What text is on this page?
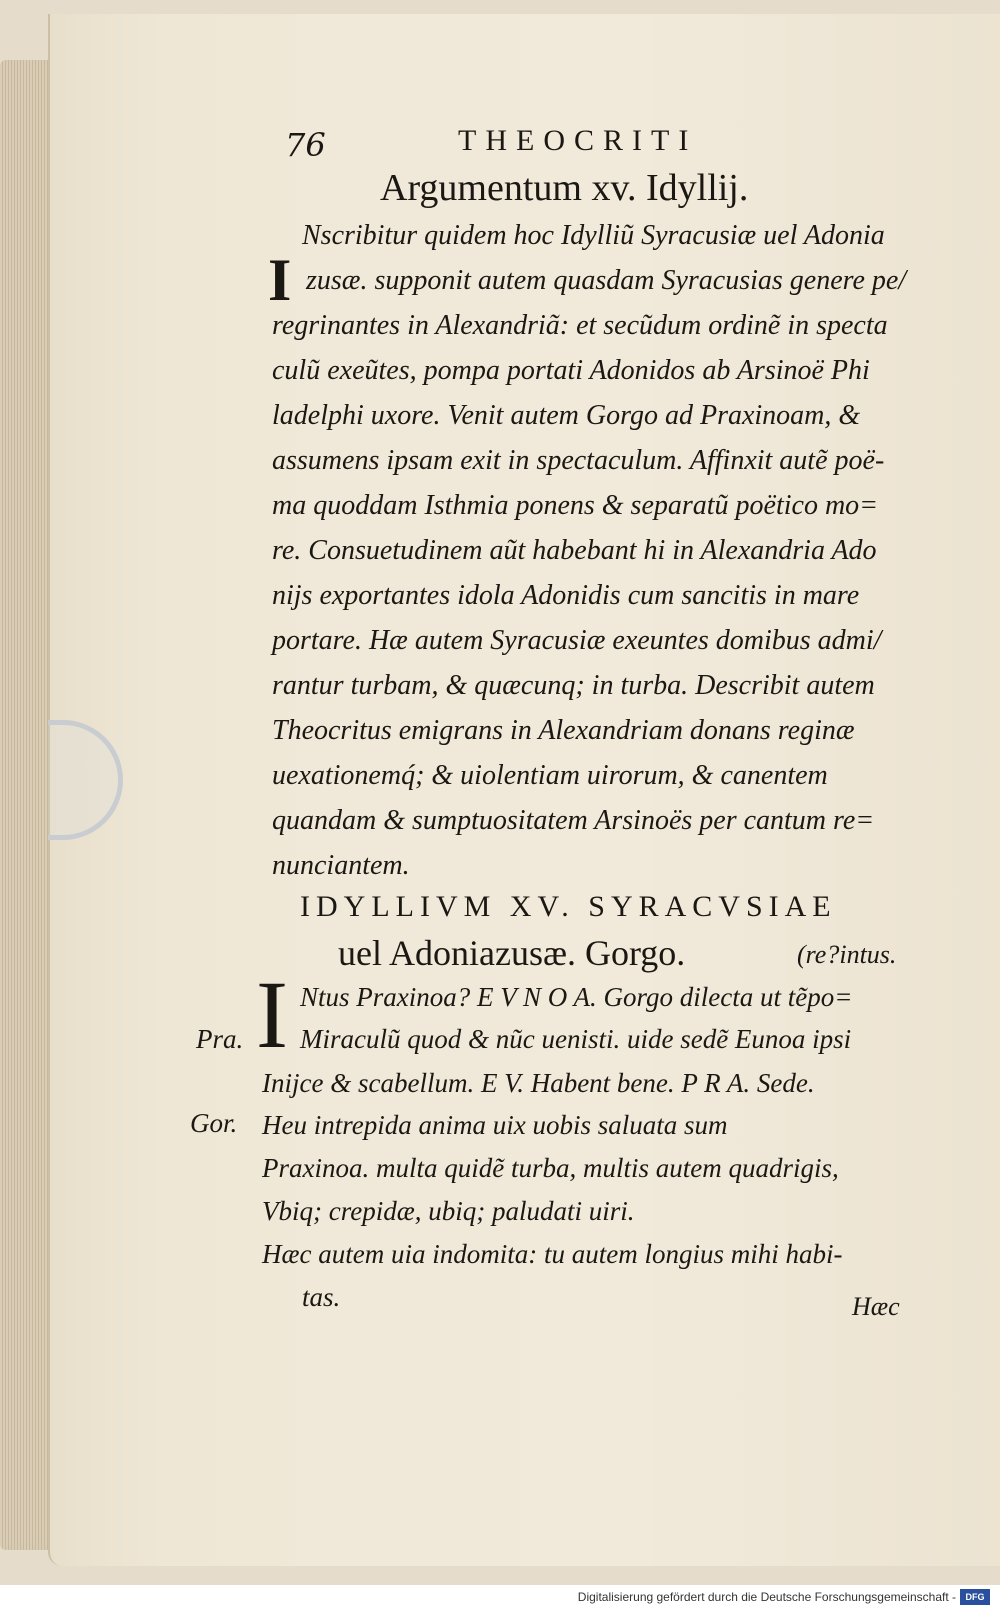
76	THEOCRITI
Argumentum xv. Idyllij.
I
Nscribitur quidem hoc Idylliũ Syracusiæ uel Adonia
zusæ. supponit autem quasdam Syracusias genere pe/
regrinantes in Alexandriã: et secũdum ordinẽ in specta
culũ exeũtes, pompa portati Adonidos ab Arsinoë Phi
ladelphi uxore. Venit autem Gorgo ad Praxinoam, &
assumens ipsam exit in spectaculum. Affinxit autẽ poë-
ma quoddam Isthmia ponens & separatũ poëtico mo=
re. Consuetudinem aũt habebant hi in Alexandria Ado
nijs exportantes idola Adonidis cum sancitis in mare
portare. Hæ autem Syracusiæ exeuntes domibus admi/
rantur turbam, & quæcunq; in turba. Describit autem
Theocritus emigrans in Alexandriam donans reginæ
uexationemq́; & uiolentiam uirorum, & canentem
quandam & sumptuositatem Arsinoës per cantum re=
nunciantem.
IDYLLIVM XV. SYRACVSIAE
uel Adoniazusæ. Gorgo.	(re?intus.
I Ntus Praxinoa? E V N O A. Gorgo dilecta ut tẽpo=
Pra. Miraculũ quod & nũc uenisti. uide sedẽ Eunoa ipsi
Inijce & scabellum. E V. Habent bene. P R A. Sede.
Gor. Heu intrepida anima uix uobis saluata sum
Praxinoa. multa quidẽ turba, multis autem quadrigis,
Vbiq; crepidæ, ubiq; paludati uiri.
Hæc autem uia indomita: tu autem longius mihi habi-
tas.	Hæc
Digitalisierung gefördert durch die Deutsche Forschungsgemeinschaft -	DFG
